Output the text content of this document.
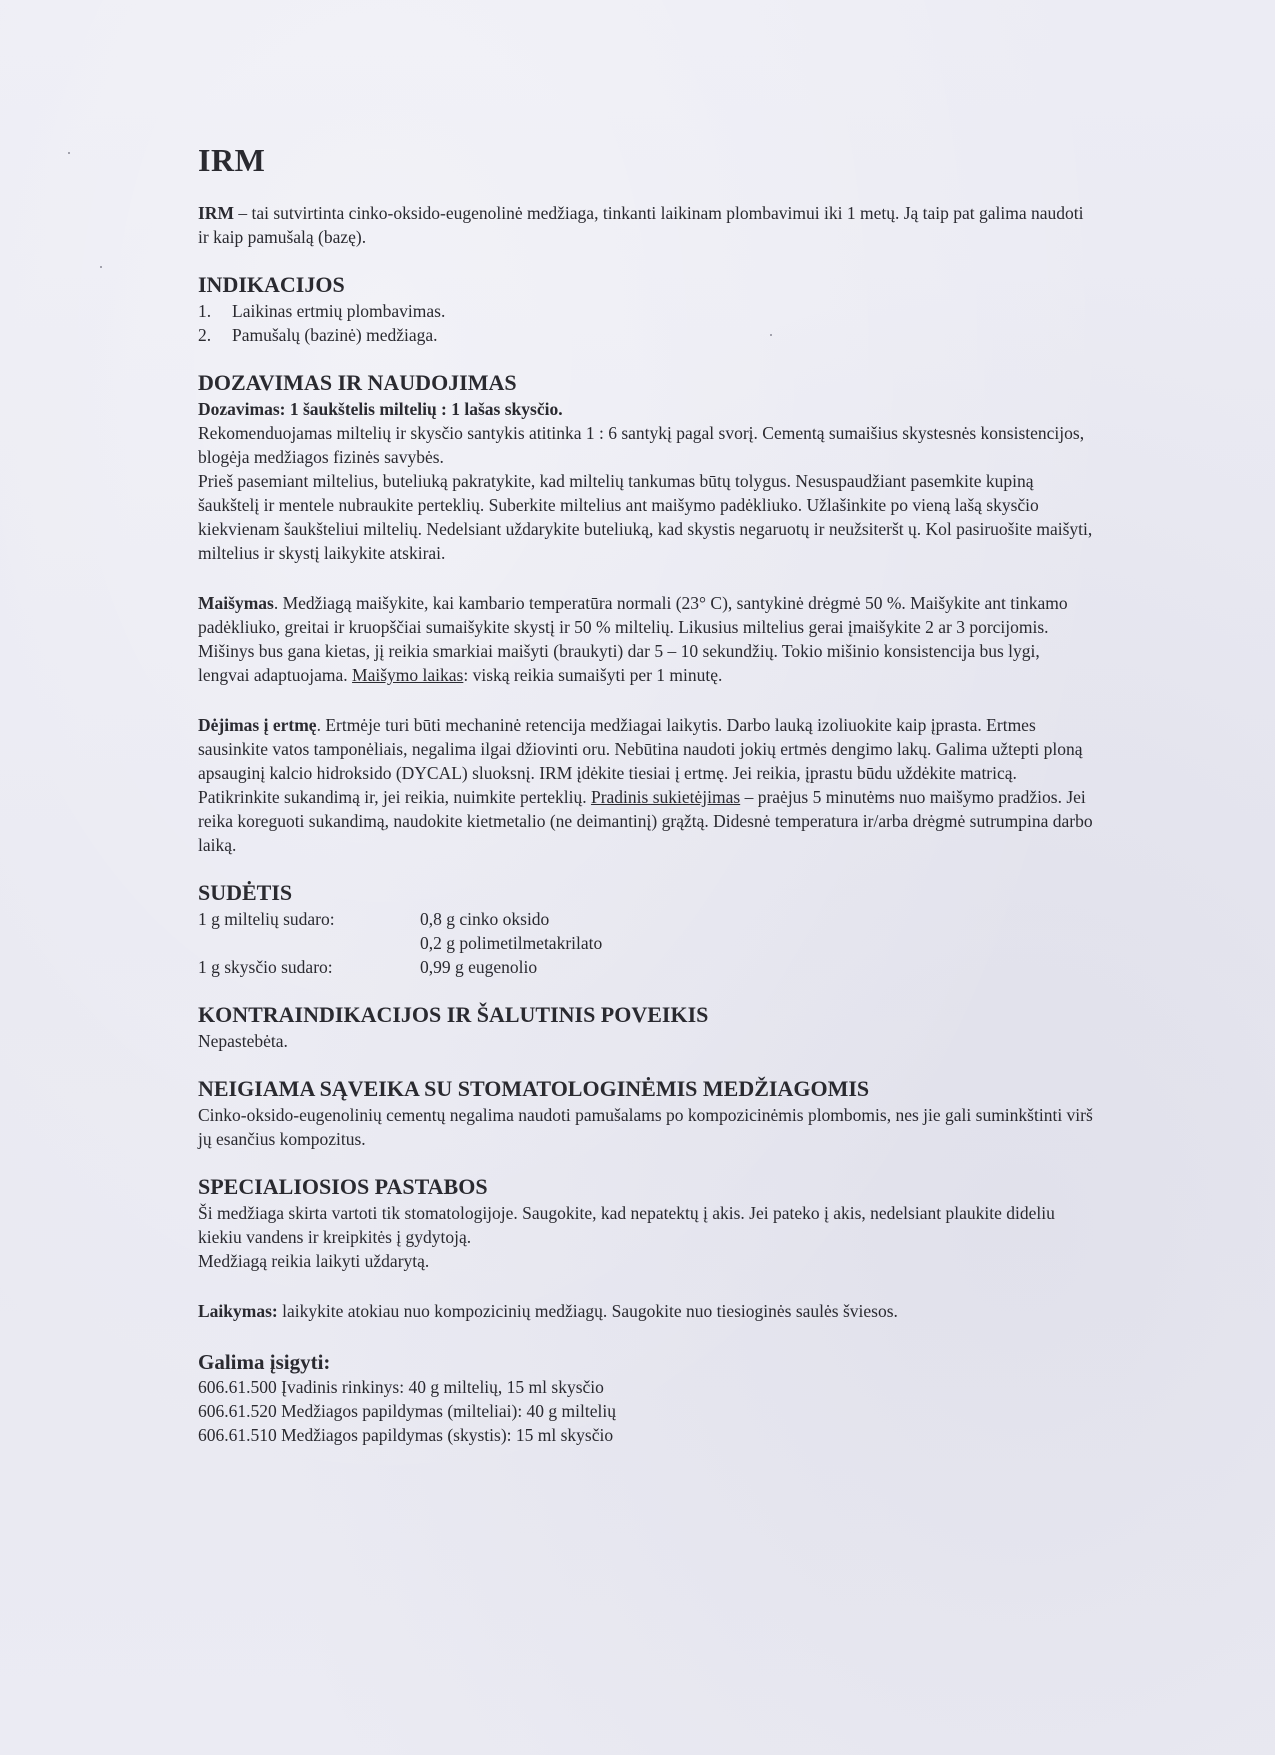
IRM

IRM – tai sutvirtinta cinko-oksido-eugenolinė medžiaga, tinkanti laikinam plombavimui iki 1 metų. Ją taip pat galima naudoti ir kaip pamušalą (bazę).

INDIKACIJOS
1. Laikinas ertmių plombavimas.
2. Pamušalų (bazinė) medžiaga.
DOZAVIMAS IR NAUDOJIMAS
Dozavimas: 1 šaukštelis miltelių : 1 lašas skysčio.

Rekomenduojamas miltelių ir skysčio santykis atitinka 1 : 6 santykį pagal svorį. Cementą sumaišius skystesnės konsistencijos, blogėja medžiagos fizinės savybės.

Prieš pasemiant miltelius, buteliuką pakratykite, kad miltelių tankumas būtų tolygus. Nesuspaudžiant pasemkite kupiną šaukštelį ir mentele nubraukite perteklių. Suberkite miltelius ant maišymo padėkliuko. Užlašinkite po vieną lašą skysčio kiekvienam šaukšteliui miltelių. Nedelsiant uždarykite buteliuką, kad skystis negaruotų ir neužsiteršt ų. Kol pasiruošite maišyti, miltelius ir skystį laikykite atskirai.

Maišymas. Medžiagą maišykite, kai kambario temperatūra normali (23° C), santykinė drėgmė 50 %. Maišykite ant tinkamo padėkliuko, greitai ir kruopščiai sumaišykite skystį ir 50 % miltelių. Likusius miltelius gerai įmaišykite 2 ar 3 porcijomis. Mišinys bus gana kietas, jį reikia smarkiai maišyti (braukyti) dar 5 – 10 sekundžių. Tokio mišinio konsistencija bus lygi, lengvai adaptuojama. Maišymo laikas: viską reikia sumaišyti per 1 minutę.

Dėjimas į ertmę. Ertmėje turi būti mechaninė retencija medžiagai laikytis. Darbo lauką izoliuokite kaip įprasta. Ertmes sausinkite vatos tamponėliais, negalima ilgai džiovinti oru. Nebūtina naudoti jokių ertmės dengimo lakų. Galima užtepti ploną apsauginį kalcio hidroksido (DYCAL) sluoksnį. IRM įdėkite tiesiai į ertmę. Jei reikia, įprastu būdu uždėkite matricą. Patikrinkite sukandimą ir, jei reikia, nuimkite perteklių. Pradinis sukietėjimas – praėjus 5 minutėms nuo maišymo pradžios. Jei reika koreguoti sukandimą, naudokite kietmetalio (ne deimantinį) grąžtą. Didesnė temperatura ir/arba drėgmė sutrumpina darbo laiką.

SUDĖTIS
1 g miltelių sudaro:	0,8 g cinko oksido
	0,2 g polimetilmetakrilato
1 g skysčio sudaro:	0,99 g eugenolio
KONTRAINDIKACIJOS IR ŠALUTINIS POVEIKIS

Nepastebėta.

NEIGIAMA SĄVEIKA SU STOMATOLOGINĖMIS MEDŽIAGOMIS

Cinko-oksido-eugenolinių cementų negalima naudoti pamušalams po kompozicinėmis plombomis, nes jie gali suminkštinti virš jų esančius kompozitus.

SPECIALIOSIOS PASTABOS

Ši medžiaga skirta vartoti tik stomatologijoje. Saugokite, kad nepatektų į akis. Jei pateko į akis, nedelsiant plaukite dideliu kiekiu vandens ir kreipkitės į gydytoją.

Medžiagą reikia laikyti uždarytą.

Laikymas: laikykite atokiau nuo kompozicinių medžiagų. Saugokite nuo tiesioginės saulės šviesos.

Galima įsigyti:
606.61.500 Įvadinis rinkinys: 40 g miltelių, 15 ml skysčio
606.61.520 Medžiagos papildymas (milteliai): 40 g miltelių
606.61.510 Medžiagos papildymas (skystis): 15 ml skysčio
